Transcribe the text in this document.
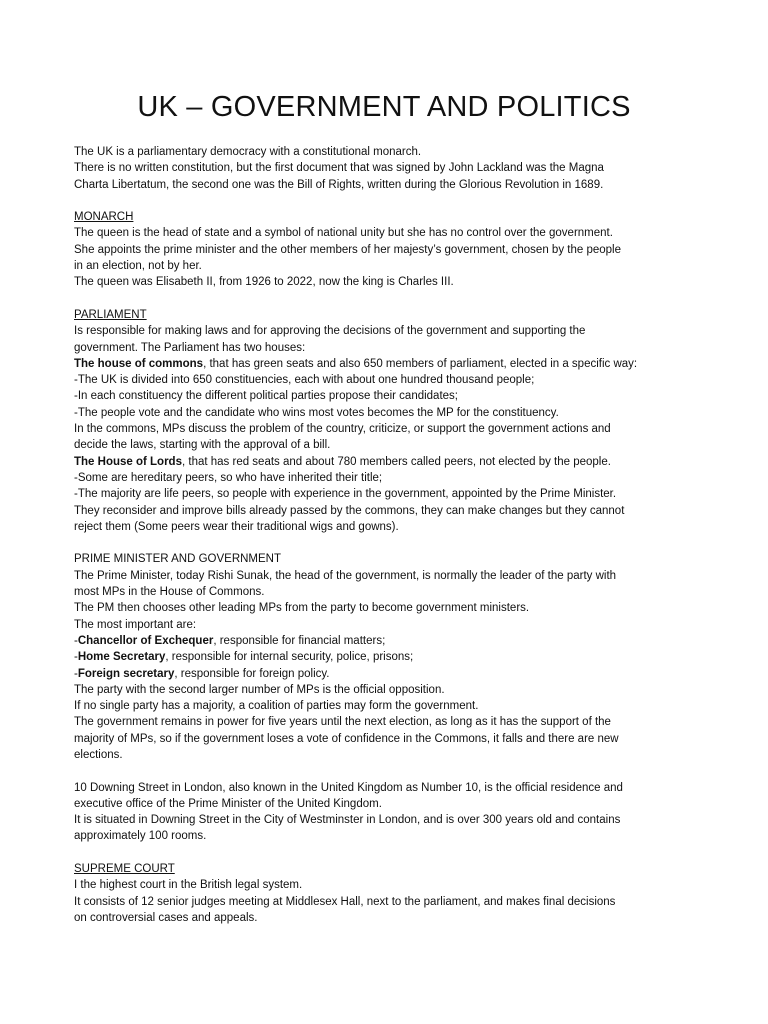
UK – GOVERNMENT AND POLITICS

The UK is a parliamentary democracy with a constitutional monarch.

There is no written constitution, but the first document that was signed by John Lackland was the Magna

Charta Libertatum, the second one was the Bill of Rights, written during the Glorious Revolution in 1689.

MONARCH

The queen is the head of state and a symbol of national unity but she has no control over the government.

She appoints the prime minister and the other members of her majesty’s government, chosen by the people

in an election, not by her.

The queen was Elisabeth II, from 1926 to 2022, now the king is Charles III.

PARLIAMENT

Is responsible for making laws and for approving the decisions of the government and supporting the

government. The Parliament has two houses:

The house of commons, that has green seats and also 650 members of parliament, elected in a specific way:

-The UK is divided into 650 constituencies, each with about one hundred thousand people;

-In each constituency the different political parties propose their candidates;

-The people vote and the candidate who wins most votes becomes the MP for the constituency.

In the commons, MPs discuss the problem of the country, criticize, or support the government actions and

decide the laws, starting with the approval of a bill.

The House of Lords, that has red seats and about 780 members called peers, not elected by the people.

-Some are hereditary peers, so who have inherited their title;

-The majority are life peers, so people with experience in the government, appointed by the Prime Minister.

They reconsider and improve bills already passed by the commons, they can make changes but they cannot

reject them (Some peers wear their traditional wigs and gowns).

PRIME MINISTER AND GOVERNMENT

The Prime Minister, today Rishi Sunak, the head of the government, is normally the leader of the party with

most MPs in the House of Commons.

The PM then chooses other leading MPs from the party to become government ministers.

The most important are:

-Chancellor of Exchequer, responsible for financial matters;

-Home Secretary, responsible for internal security, police, prisons;

-Foreign secretary, responsible for foreign policy.

The party with the second larger number of MPs is the official opposition.

If no single party has a majority, a coalition of parties may form the government.

The government remains in power for five years until the next election, as long as it has the support of the

majority of MPs, so if the government loses a vote of confidence in the Commons, it falls and there are new

elections.

10 Downing Street in London, also known in the United Kingdom as Number 10, is the official residence and

executive office of the Prime Minister of the United Kingdom.

It is situated in Downing Street in the City of Westminster in London, and is over 300 years old and contains

approximately 100 rooms.

SUPREME COURT

I the highest court in the British legal system.

It consists of 12 senior judges meeting at Middlesex Hall, next to the parliament, and makes final decisions

on controversial cases and appeals.
